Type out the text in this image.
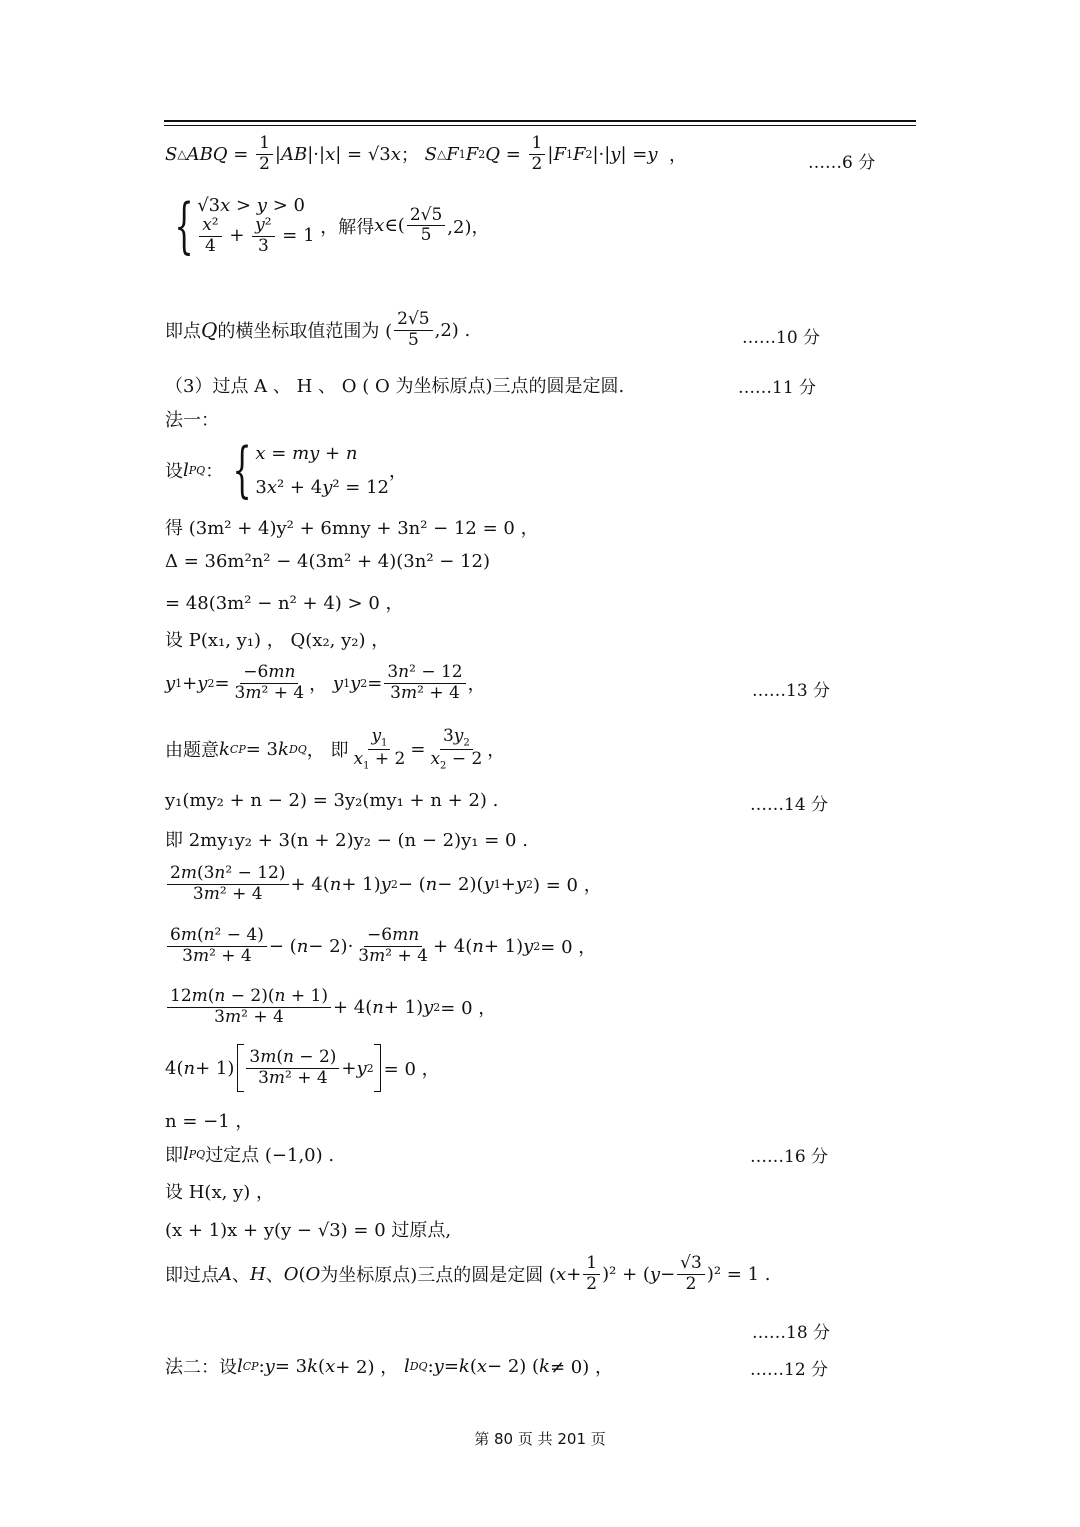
S △ ABQ = $\frac{1}{2}$ | AB |·| x | = √3 x ； S △ F 1 F 2 $Q = \frac{1}{2}$ | F 1 F 2 |·| y | = y ，	……6 分
{ √3x > y > 0
$\frac{\text{x²}}{4} + \frac{\text{y²}}{3} = 1$ ，解得 x ∈( $\frac{2√5}{5} ,2$)，
即点 Q 的横坐标取值范围为 ( $\frac{2√5}{5} ,2$) .	……10 分
（3）过点 A 、 H 、 O ( O 为坐标原点)三点的圆是定圆.	……11 分
法一：
设 l PQ ： { x = my + n
3x² + 4y² = 12
，
得 (3m² + 4)y² + 6mny + 3n² − 12 = 0 ，
Δ = 36m²n² − 4(3m² + 4)(3n² − 12)
= 48(3m² − n² + 4) > 0 ，
设 P(x₁, y₁) ， Q(x₂, y₂) ，
y 1 + y $2 = \frac{-6mn}{\text{3m² + 4}}$ ， y 1 y $2 = \frac{\text{3n² − 12}}{\text{3m² + 4}}$ ，	……13 分
由题意 k CP = 3 k DQ ， 即 $\frac{y_1}{x_1 + 2} = \frac{3y_2}{x_2 - 2}$ ，
y₁(my₂ + n − 2) = 3y₂(my₁ + n + 2) .	……14 分
即 2my₁y₂ + 3(n + 2)y₂ − (n − 2)y₁ = 0 .
$\frac{\text{2m(3n² − 12)}}{\text{3m² + 4}} + 4$( n + 1) y 2 − ( n − 2)( y 1 + y 2 ) = 0 ，
$\frac{\text{6m(n² − 4)}}{\text{3m² + 4}}$ − ( $n - 2)\cdot \frac{-6mn}{\text{3m² + 4}} + 4$( n + 1) y 2 = 0 ，
$\frac{12m(n - 2)(n + 1)}{\text{3m² + 4}} + 4$( n + 1) y 2 = 0 ，
4( $n + 1) \frac{3m(n - 2)}{\text{3m² + 4}} + y$ 2 = 0 ，
n = −1 ，
即 l PQ 过定点 (−1,0) .	……16 分
设 H(x, y) ，
(x + 1)x + y(y − √3) = 0 过原点,
即过点 A 、 H 、 O ( O 为坐标原点)三点的圆是定圆 ( $x + \frac{1}{2} )^2$ + ( $y - \frac{√3}{2} )^2 = 1$ .
……18 分
法二：设 l CP : y = 3 k ( x + 2) ， l DQ : y = k ( x − 2) ( k ≠ 0) ，	……12 分
第 80 页 共 201 页
